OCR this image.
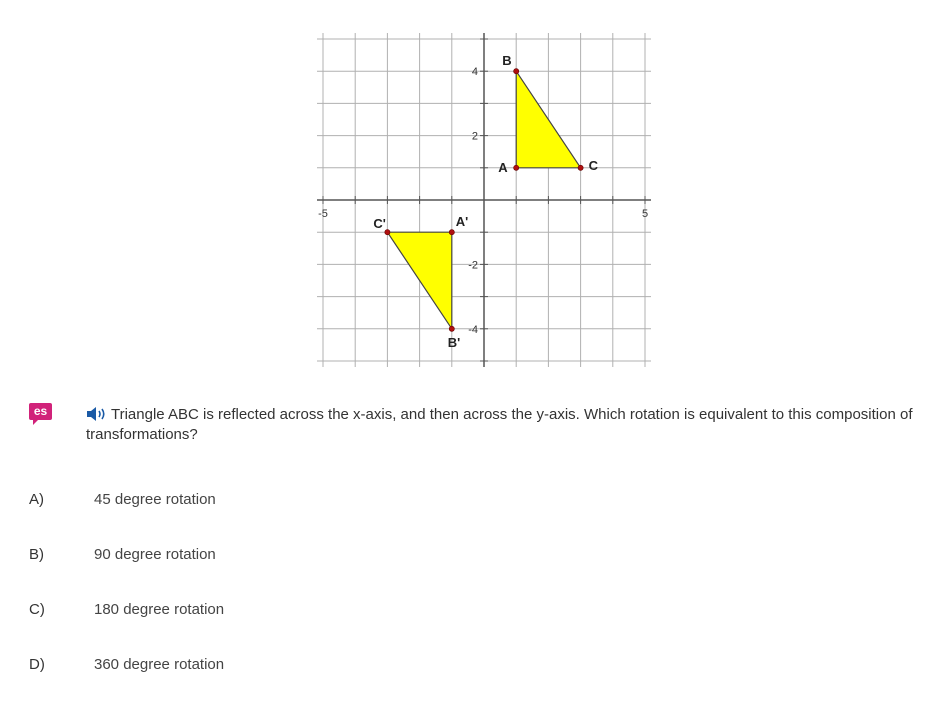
-5	5
4
2
-2
-4
A
B
C
A'
B'
C'
es	Triangle ABC is reflected across the x-axis, and then across the y-axis. Which rotation is equivalent to this composition of transformations?
A)	45 degree rotation
B)	90 degree rotation
C)	180 degree rotation
D)	360 degree rotation
